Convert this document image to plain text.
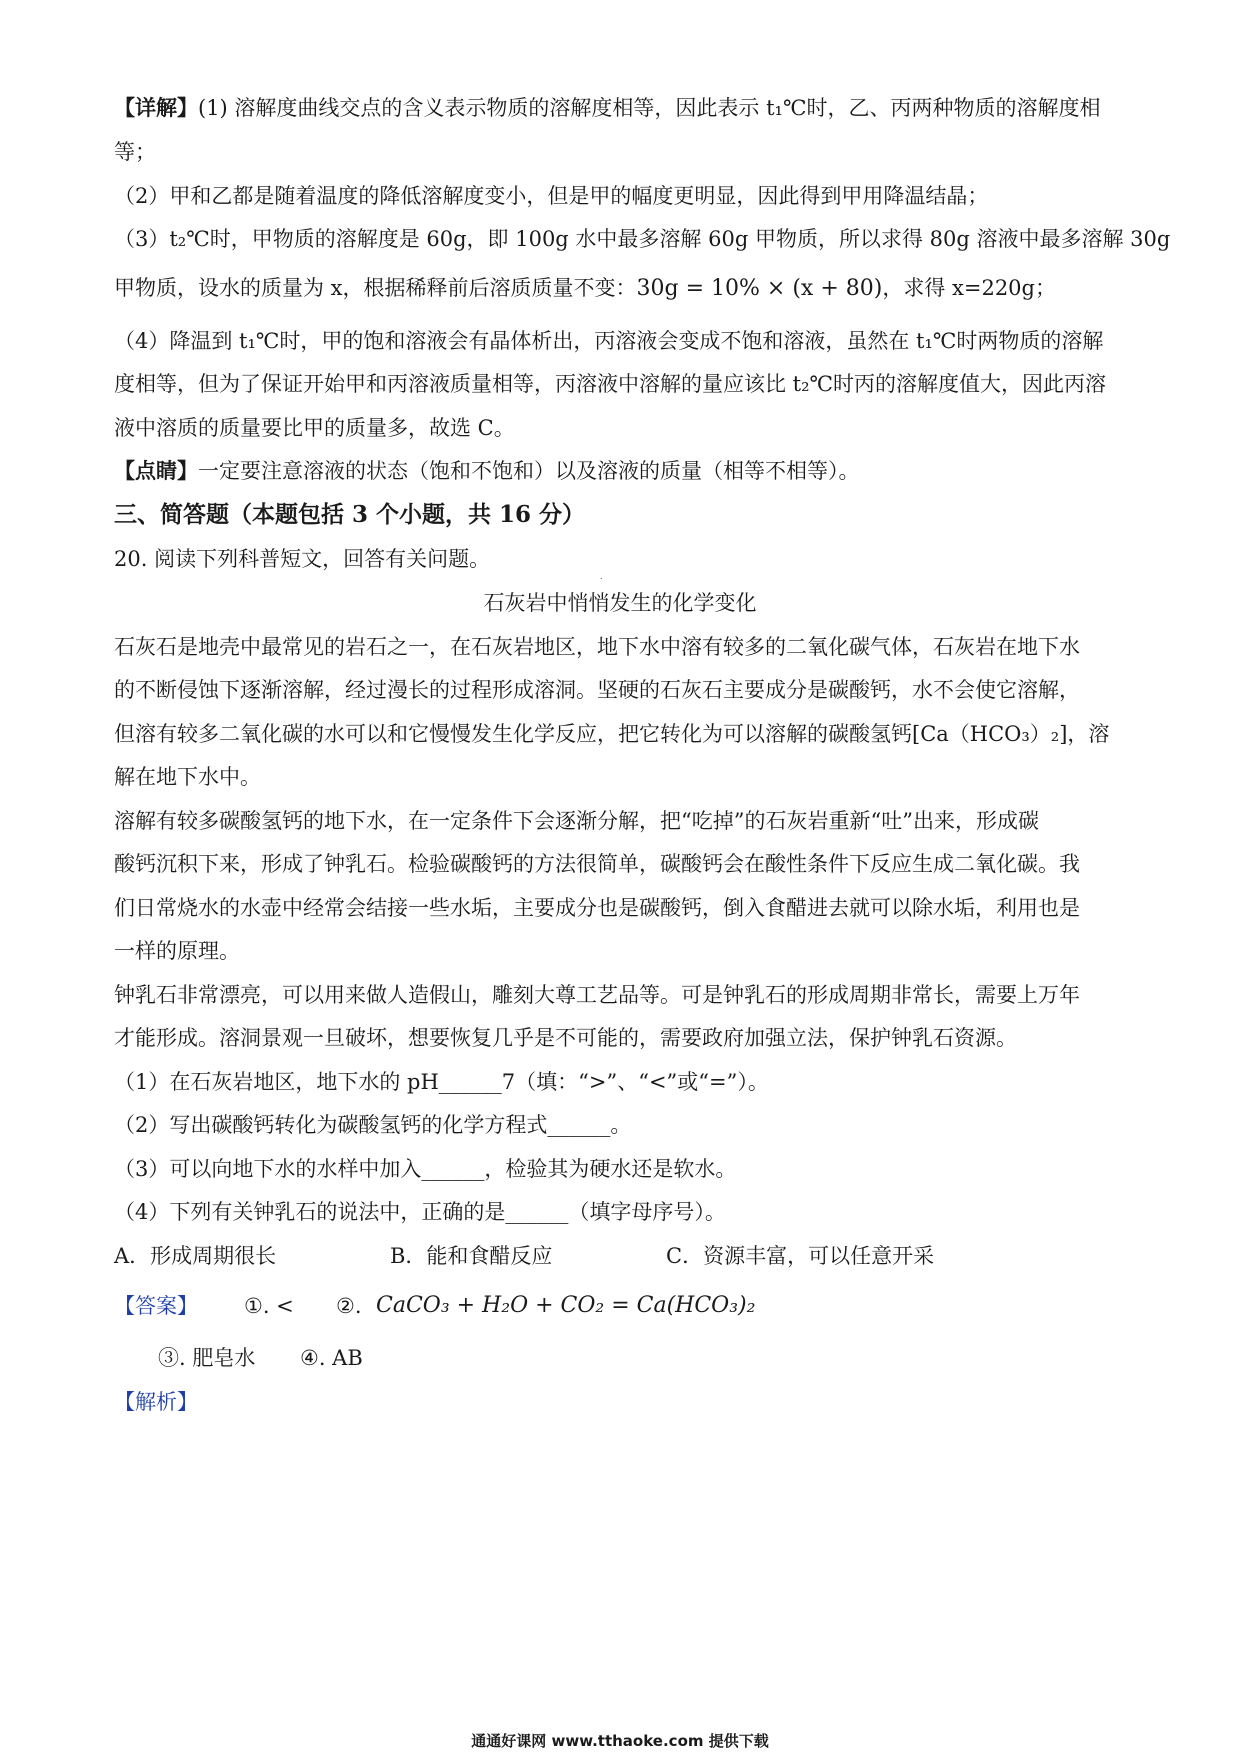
【详解】(1) 溶解度曲线交点的含义表示物质的溶解度相等，因此表示 t₁℃时，乙、丙两种物质的溶解度相
等；
（2）甲和乙都是随着温度的降低溶解度变小，但是甲的幅度更明显，因此得到甲用降温结晶；
（3）t₂℃时，甲物质的溶解度是 60g，即 100g 水中最多溶解 60g 甲物质，所以求得 80g 溶液中最多溶解 30g
甲物质，设水的质量为 x，根据稀释前后溶质质量不变：30g = 10% × (x + 80)，求得 x=220g；
（4）降温到 t₁℃时，甲的饱和溶液会有晶体析出，丙溶液会变成不饱和溶液，虽然在 t₁℃时两物质的溶解
度相等，但为了保证开始甲和丙溶液质量相等，丙溶液中溶解的量应该比 t₂℃时丙的溶解度值大，因此丙溶
液中溶质的质量要比甲的质量多，故选 C。
【点睛】一定要注意溶液的状态（饱和不饱和）以及溶液的质量（相等不相等）。
三、简答题（本题包括 3 个小题，共 16 分）
.
20. 阅读下列科普短文，回答有关问题。
石灰岩中悄悄发生的化学变化
石灰石是地壳中最常见的岩石之一，在石灰岩地区，地下水中溶有较多的二氧化碳气体，石灰岩在地下水
的不断侵蚀下逐渐溶解，经过漫长的过程形成溶洞。坚硬的石灰石主要成分是碳酸钙，水不会使它溶解，
但溶有较多二氧化碳的水可以和它慢慢发生化学反应，把它转化为可以溶解的碳酸氢钙[Ca（HCO₃）₂]，溶
解在地下水中。
溶解有较多碳酸氢钙的地下水，在一定条件下会逐渐分解，把“吃掉”的石灰岩重新“吐”出来，形成碳
酸钙沉积下来，形成了钟乳石。检验碳酸钙的方法很简单，碳酸钙会在酸性条件下反应生成二氧化碳。我
们日常烧水的水壶中经常会结接一些水垢，主要成分也是碳酸钙，倒入食醋进去就可以除水垢，利用也是
一样的原理。
钟乳石非常漂亮，可以用来做人造假山，雕刻大尊工艺品等。可是钟乳石的形成周期非常长，需要上万年
才能形成。溶洞景观一旦破坏，想要恢复几乎是不可能的，需要政府加强立法，保护钟乳石资源。
（1）在石灰岩地区，地下水的 pH______7（填：“>”、“<”或“=”）。
（2）写出碳酸钙转化为碳酸氢钙的化学方程式______。
（3）可以向地下水的水样中加入______，检验其为硬水还是软水。
（4）下列有关钟乳石的说法中，正确的是______（填字母序号）。
A．形成周期很长	B．能和食醋反应	C．资源丰富，可以任意开采
【答案】 ①. < ②. CaCO₃ + H₂O + CO₂ = Ca(HCO₃)₂
③. 肥皂水 ④. AB
【解析】
通通好课网 www.tthaoke.com 提供下载
